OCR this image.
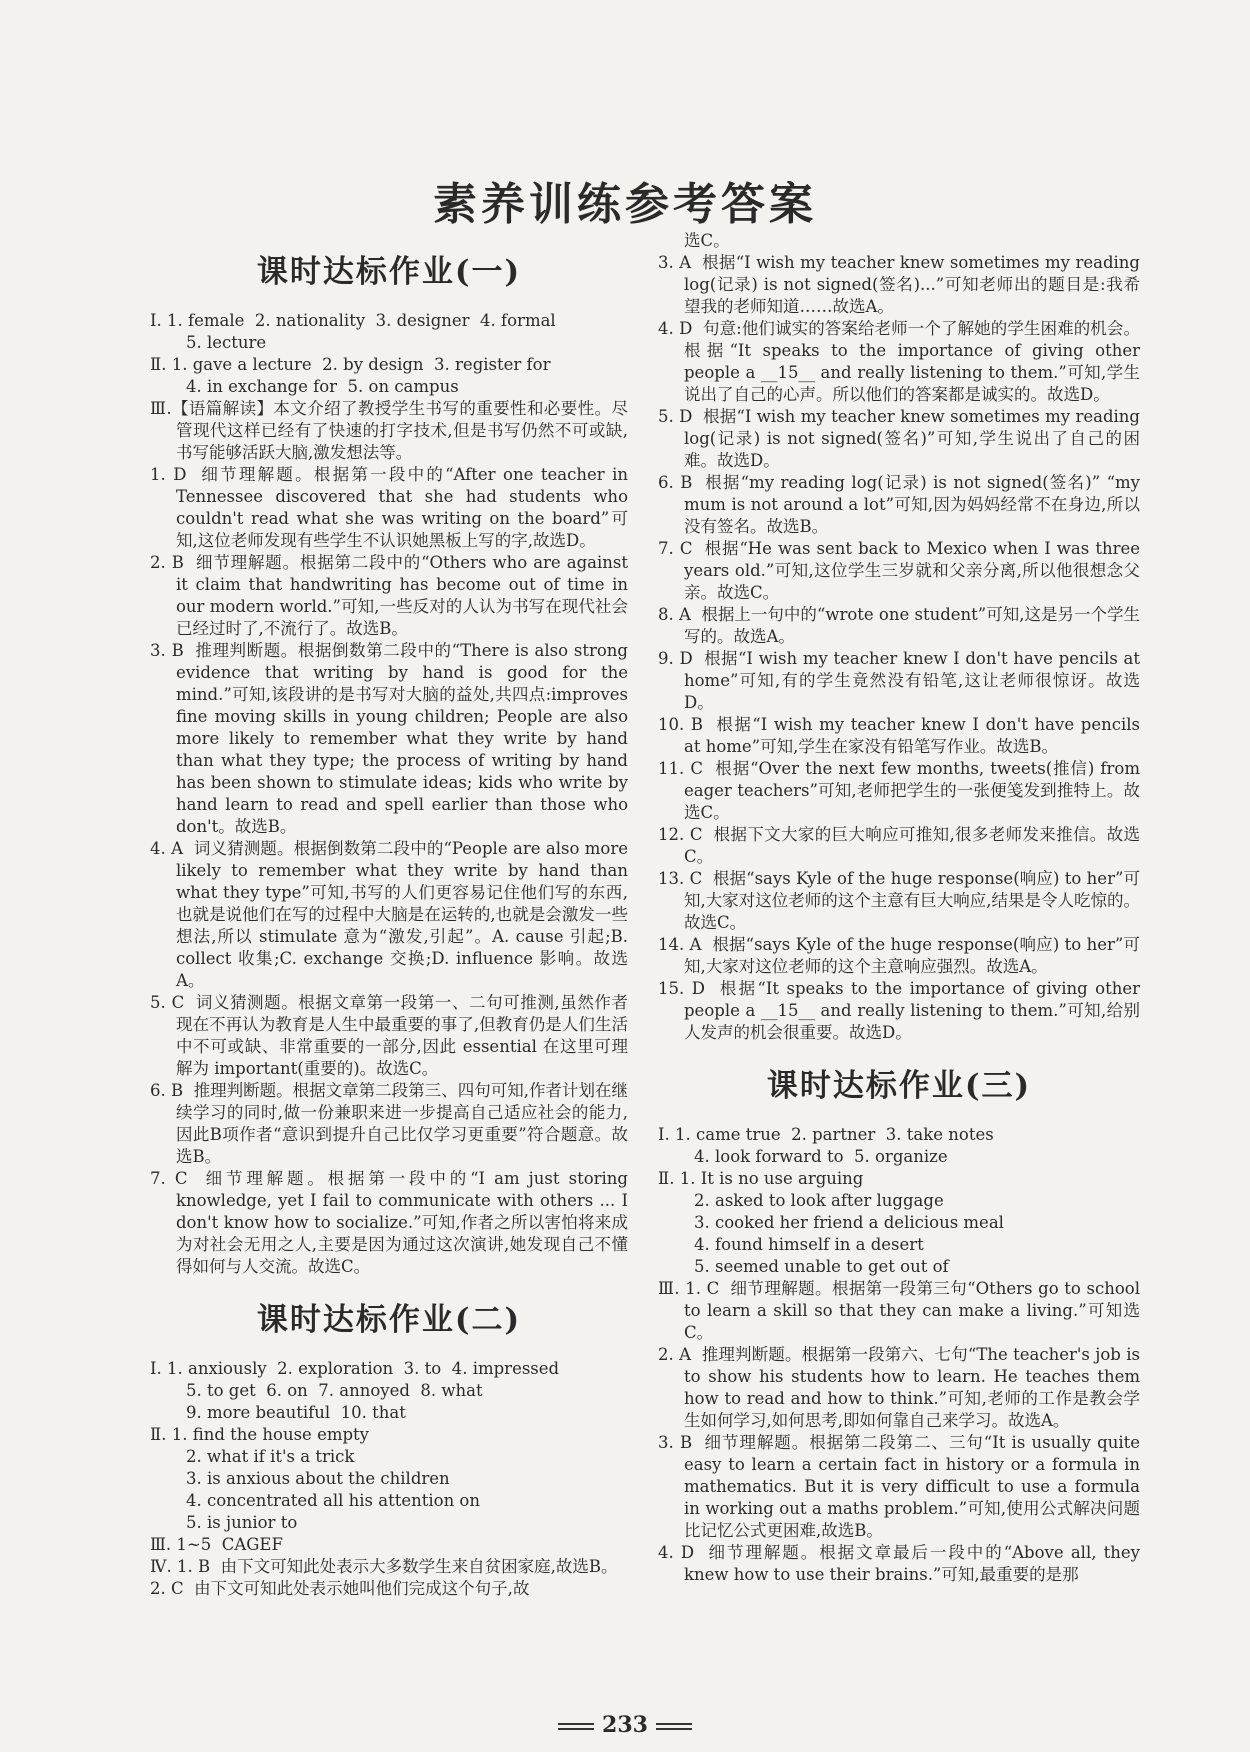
素养训练参考答案
课时达标作业(一)
Ⅰ. 1. female  2. nationality  3. designer  4. formal
5. lecture
Ⅱ. 1. gave a lecture  2. by design  3. register for
4. in exchange for  5. on campus
Ⅲ.【语篇解读】本文介绍了教授学生书写的重要性和必要性。尽管现代这样已经有了快速的打字技术,但是书写仍然不可或缺,书写能够活跃大脑,激发想法等。
1. D  细节理解题。根据第一段中的“After one teacher in Tennessee discovered that she had students who couldn't read what she was writing on the board”可知,这位老师发现有些学生不认识她黑板上写的字,故选D。
2. B  细节理解题。根据第二段中的“Others who are against it claim that handwriting has become out of time in our modern world.”可知,一些反对的人认为书写在现代社会已经过时了,不流行了。故选B。
3. B  推理判断题。根据倒数第二段中的“There is also strong evidence that writing by hand is good for the mind.”可知,该段讲的是书写对大脑的益处,共四点:improves fine moving skills in young children; People are also more likely to remember what they write by hand than what they type; the process of writing by hand has been shown to stimulate ideas; kids who write by hand learn to read and spell earlier than those who don't。故选B。
4. A  词义猜测题。根据倒数第二段中的“People are also more likely to remember what they write by hand than what they type”可知,书写的人们更容易记住他们写的东西,也就是说他们在写的过程中大脑是在运转的,也就是会激发一些想法,所以 stimulate 意为“激发,引起”。A. cause 引起;B. collect 收集;C. exchange 交换;D. influence 影响。故选A。
5. C  词义猜测题。根据文章第一段第一、二句可推测,虽然作者现在不再认为教育是人生中最重要的事了,但教育仍是人们生活中不可或缺、非常重要的一部分,因此 essential 在这里可理解为 important(重要的)。故选C。
6. B  推理判断题。根据文章第二段第三、四句可知,作者计划在继续学习的同时,做一份兼职来进一步提高自己适应社会的能力,因此B项作者“意识到提升自己比仅学习更重要”符合题意。故选B。
7. C  细节理解题。根据第一段中的“I am just storing knowledge, yet I fail to communicate with others ... I don't know how to socialize.”可知,作者之所以害怕将来成为对社会无用之人,主要是因为通过这次演讲,她发现自己不懂得如何与人交流。故选C。
课时达标作业(二)
Ⅰ. 1. anxiously  2. exploration  3. to  4. impressed
5. to get  6. on  7. annoyed  8. what
9. more beautiful  10. that
Ⅱ. 1. find the house empty
2. what if it's a trick
3. is anxious about the children
4. concentrated all his attention on
5. is junior to
Ⅲ. 1~5  CAGEF
Ⅳ. 1. B  由下文可知此处表示大多数学生来自贫困家庭,故选B。
2. C  由下文可知此处表示她叫他们完成这个句子,故
选C。
3. A  根据“I wish my teacher knew sometimes my reading log(记录) is not signed(签名)...”可知老师出的题目是:我希望我的老师知道……故选A。
4. D  句意:他们诚实的答案给老师一个了解她的学生困难的机会。根据“It speaks to the importance of giving other people a __15__ and really listening to them.”可知,学生说出了自己的心声。所以他们的答案都是诚实的。故选D。
5. D  根据“I wish my teacher knew sometimes my reading log(记录) is not signed(签名)”可知,学生说出了自己的困难。故选D。
6. B  根据“my reading log(记录) is not signed(签名)” “my mum is not around a lot”可知,因为妈妈经常不在身边,所以没有签名。故选B。
7. C  根据“He was sent back to Mexico when I was three years old.”可知,这位学生三岁就和父亲分离,所以他很想念父亲。故选C。
8. A  根据上一句中的“wrote one student”可知,这是另一个学生写的。故选A。
9. D  根据“I wish my teacher knew I don't have pencils at home”可知,有的学生竟然没有铅笔,这让老师很惊讶。故选D。
10. B  根据“I wish my teacher knew I don't have pencils at home”可知,学生在家没有铅笔写作业。故选B。
11. C  根据“Over the next few months, tweets(推信) from eager teachers”可知,老师把学生的一张便笺发到推特上。故选C。
12. C  根据下文大家的巨大响应可推知,很多老师发来推信。故选C。
13. C  根据“says Kyle of the huge response(响应) to her”可知,大家对这位老师的这个主意有巨大响应,结果是令人吃惊的。故选C。
14. A  根据“says Kyle of the huge response(响应) to her”可知,大家对这位老师的这个主意响应强烈。故选A。
15. D  根据“It speaks to the importance of giving other people a __15__ and really listening to them.”可知,给别人发声的机会很重要。故选D。
课时达标作业(三)
Ⅰ. 1. came true  2. partner  3. take notes
4. look forward to  5. organize
Ⅱ. 1. It is no use arguing
2. asked to look after luggage
3. cooked her friend a delicious meal
4. found himself in a desert
5. seemed unable to get out of
Ⅲ. 1. C  细节理解题。根据第一段第三句“Others go to school to learn a skill so that they can make a living.”可知选C。
2. A  推理判断题。根据第一段第六、七句“The teacher's job is to show his students how to learn. He teaches them how to read and how to think.”可知,老师的工作是教会学生如何学习,如何思考,即如何靠自己来学习。故选A。
3. B  细节理解题。根据第二段第二、三句“It is usually quite easy to learn a certain fact in history or a formula in mathematics. But it is very difficult to use a formula in working out a maths problem.”可知,使用公式解决问题比记忆公式更困难,故选B。
4. D  细节理解题。根据文章最后一段中的“Above all, they knew how to use their brains.”可知,最重要的是那
233
